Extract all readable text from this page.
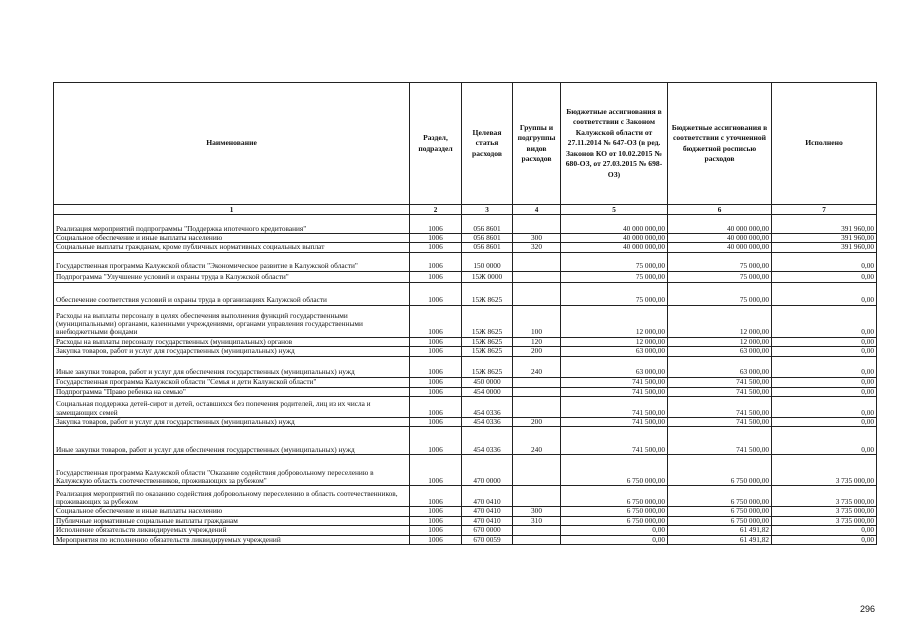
Наименование	Раздел, подраздел	Целевая статья расходов	Группы и подгруппы видов расходов	Бюджетные ассигнования в соответствии с Законом Калужской области от 27.11.2014 № 647-ОЗ (в ред. Законов КО от 10.02.2015 № 680-ОЗ, от 27.03.2015 № 698-ОЗ)	Бюджетные ассигнования в соответствии с уточненной бюджетной росписью расходов	Исполнено
1	2	3	4	5	6	7
Реализация мероприятий подпрограммы "Поддержка ипотечного кредитования"	1006	056 8601		40 000 000,00	40 000 000,00	391 960,00
Социальное обеспечение и иные выплаты населению	1006	056 8601	300	40 000 000,00	40 000 000,00	391 960,00
Социальные выплаты гражданам, кроме публичных нормативных социальных выплат	1006	056 8601	320	40 000 000,00	40 000 000,00	391 960,00
Государственная программа Калужской области "Экономическое развитие в Калужской области"	1006	150 0000		75 000,00	75 000,00	0,00
Подпрограмма "Улучшение условий и охраны труда в Калужской области"	1006	15Ж 0000		75 000,00	75 000,00	0,00
Обеспечение соответствия условий и охраны труда в организациях Калужской области	1006	15Ж 8625		75 000,00	75 000,00	0,00
Расходы на выплаты персоналу в целях обеспечения выполнения функций государственными (муниципальными) органами, казенными учреждениями, органами управления государственными внебюджетными фондами	1006	15Ж 8625	100	12 000,00	12 000,00	0,00
Расходы на выплаты персоналу государственных (муниципальных) органов	1006	15Ж 8625	120	12 000,00	12 000,00	0,00
Закупка товаров, работ и услуг для государственных (муниципальных) нужд	1006	15Ж 8625	200	63 000,00	63 000,00	0,00
Иные закупки товаров, работ и услуг для обеспечения государственных (муниципальных) нужд	1006	15Ж 8625	240	63 000,00	63 000,00	0,00
Государственная программа Калужской области "Семья и дети Калужской области"	1006	450 0000		741 500,00	741 500,00	0,00
Подпрограмма "Право ребенка на семью"	1006	454 0000		741 500,00	741 500,00	0,00
Социальная поддержка детей-сирот и детей, оставшихся без попечения родителей, лиц из их числа и замещающих семей	1006	454 0336		741 500,00	741 500,00	0,00
Закупка товаров, работ и услуг для государственных (муниципальных) нужд	1006	454 0336	200	741 500,00	741 500,00	0,00
Иные закупки товаров, работ и услуг для обеспечения государственных (муниципальных) нужд	1006	454 0336	240	741 500,00	741 500,00	0,00
Государственная программа Калужской области "Оказание содействия добровольному переселению в Калужскую область соотечественников, проживающих за рубежом"	1006	470 0000		6 750 000,00	6 750 000,00	3 735 000,00
Реализация мероприятий по оказанию содействия добровольному переселению в область соотечественников, проживающих за рубежом	1006	470 0410		6 750 000,00	6 750 000,00	3 735 000,00
Социальное обеспечение и иные выплаты населению	1006	470 0410	300	6 750 000,00	6 750 000,00	3 735 000,00
Публичные нормативные социальные выплаты гражданам	1006	470 0410	310	6 750 000,00	6 750 000,00	3 735 000,00
Исполнение обязательств ликвидируемых учреждений	1006	670 0000		0,00	61 491,82	0,00
Мероприятия по исполнению обязательств ликвидируемых учреждений	1006	670 0059		0,00	61 491,82	0,00
296
